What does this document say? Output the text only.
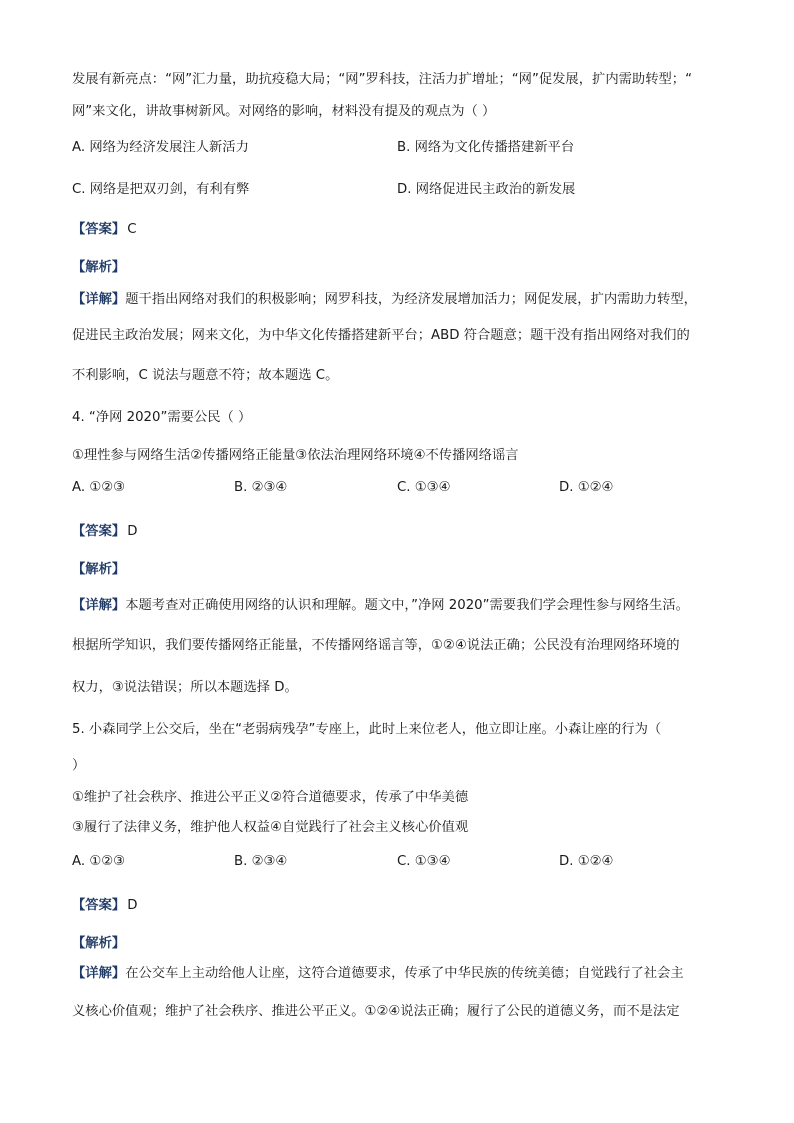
发展有新亮点：“网”汇力量，助抗疫稳大局；“网”罗科技，注活力扩增址；“网”促发展，扩内需助转型；“
网”来文化，讲故事树新风。对网络的影响，材料没有提及的观点为（ ）
A. 网络为经济发展注人新活力	B. 网络为文化传播搭建新平台
C. 网络是把双刃剑，有利有弊	D. 网络促进民主政治的新发展
【答案】 C
【解析】
【详解】题干指出网络对我们的积极影响；网罗科技，为经济发展增加活力；网促发展，扩内需助力转型，
促进民主政治发展；网来文化，为中华文化传播搭建新平台；ABD 符合题意；题干没有指出网络对我们的
不利影响，C 说法与题意不符；故本题选 C。
4. “净网 2020”需要公民（ ）
①理性参与网络生活②传播网络正能量③依法治理网络环境④不传播网络谣言
A. ①②③	B. ②③④	C. ①③④	D. ①②④
【答案】 D
【解析】
【详解】本题考查对正确使用网络的认识和理解。题文中，”净网 2020”需要我们学会理性参与网络生活。
根据所学知识，我们要传播网络正能量，不传播网络谣言等，①②④说法正确；公民没有治理网络环境的
权力，③说法错误；所以本题选择 D。
5. 小森同学上公交后，坐在“老弱病残孕”专座上，此时上来位老人，他立即让座。小森让座的行为（
）
①维护了社会秩序、推进公平正义②符合道德要求，传承了中华美德
③履行了法律义务，维护他人权益④自觉践行了社会主义核心价值观
A. ①②③	B. ②③④	C. ①③④	D. ①②④
【答案】 D
【解析】
【详解】在公交车上主动给他人让座，这符合道德要求，传承了中华民族的传统美德；自觉践行了社会主
义核心价值观；维护了社会秩序、推进公平正义。①②④说法正确；履行了公民的道德义务，而不是法定
